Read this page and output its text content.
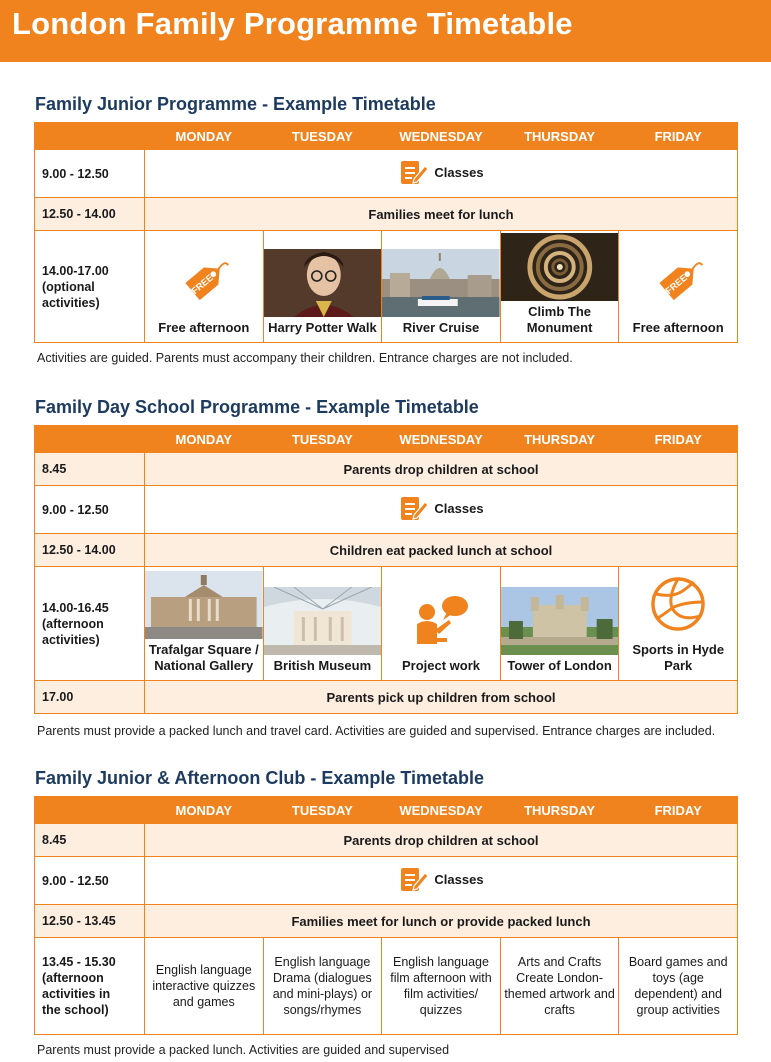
London Family Programme Timetable
Family Junior Programme - Example Timetable
	MONDAY	TUESDAY	WEDNESDAY	THURSDAY	FRIDAY
9.00 - 12.50	Classes				

12.50 - 14.00	Families meet for lunch				
14.00-17.00
(optional
activities)	Free afternoon	Harry Potter Walk	River Cruise	Climb The Monument	Free afternoon
Activities are guided. Parents must accompany their children. Entrance charges are not included.
Family Day School Programme - Example Timetable
	MONDAY	TUESDAY	WEDNESDAY	THURSDAY	FRIDAY
8.45	Parents drop children at school				
9.00 - 12.50	Classes				

12.50 - 14.00	Children eat packed lunch at school				
14.00-16.45
(afternoon
activities)	Trafalgar Square / National Gallery	British Museum	Project work	Tower of London	Sports in Hyde Park

17.00	Parents pick up children from school				
Parents must provide a packed lunch and travel card. Activities are guided and supervised. Entrance charges are included.
Family Junior & Afternoon Club - Example Timetable
	MONDAY	TUESDAY	WEDNESDAY	THURSDAY	FRIDAY
8.45	Parents drop children at school				
9.00 - 12.50	Classes				

12.50 - 13.45	Families meet for lunch or provide packed lunch				
13.45 - 15.30
(afternoon
activities in
the school)	English language interactive quizzes and games	English language Drama (dialogues and mini-plays) or songs/rhymes	English language film afternoon with film activities/ quizzes	Arts and Crafts Create London-themed artwork and crafts	Board games and toys (age dependent) and group activities
Parents must provide a packed lunch. Activities are guided and supervised
